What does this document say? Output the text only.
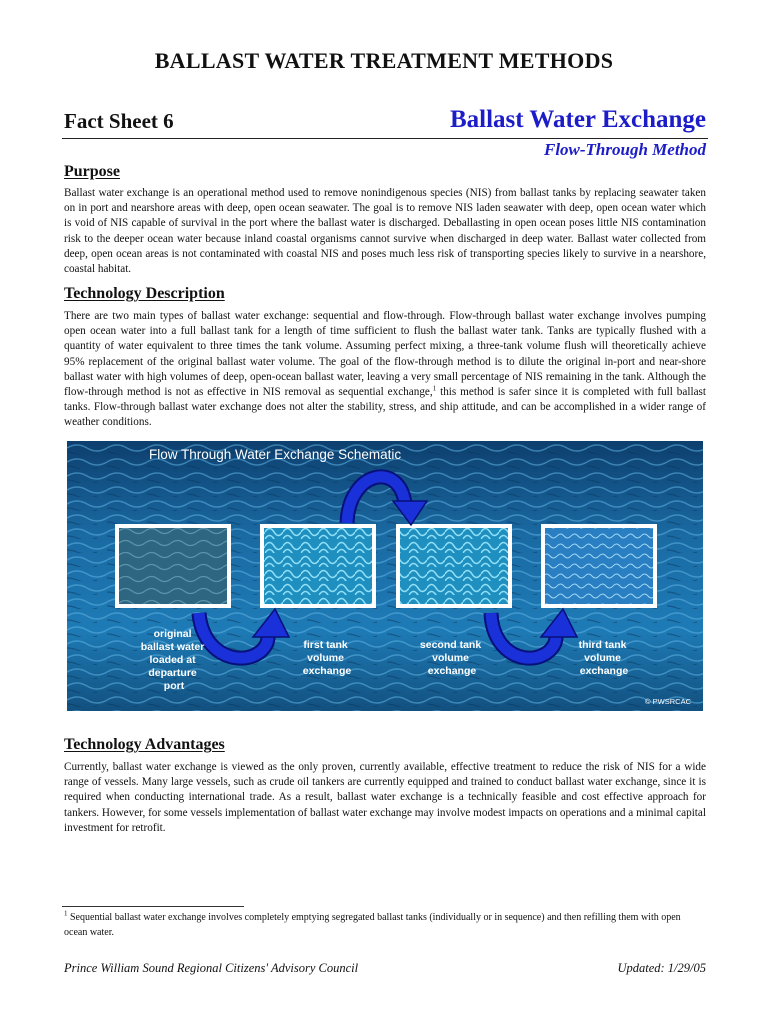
BALLAST WATER TREATMENT METHODS
Fact Sheet 6	Ballast Water Exchange
Flow-Through Method
Purpose
Ballast water exchange is an operational method used to remove nonindigenous species (NIS) from ballast tanks by replacing seawater taken on in port and nearshore areas with deep, open ocean seawater. The goal is to remove NIS laden seawater with deep, open ocean water which is void of NIS capable of survival in the port where the ballast water is discharged. Deballasting in open ocean poses little NIS contamination risk to the deeper ocean water because inland coastal organisms cannot survive when discharged in deep water. Ballast water collected from deep, open ocean areas is not contaminated with coastal NIS and poses much less risk of transporting species likely to survive in a nearshore, coastal habitat.
Technology Description
There are two main types of ballast water exchange: sequential and flow-through. Flow-through ballast water exchange involves pumping open ocean water into a full ballast tank for a length of time sufficient to flush the ballast water tank. Tanks are typically flushed with a quantity of water equivalent to three times the tank volume. Assuming perfect mixing, a three-tank volume flush will theoretically achieve 95% replacement of the original ballast water volume. The goal of the flow-through method is to dilute the original in-port and near-shore ballast water with high volumes of deep, open-ocean ballast water, leaving a very small percentage of NIS remaining in the tank. Although the flow-through method is not as effective in NIS removal as sequential exchange,$^1$ this method is safer since it is completed with full ballast tanks. Flow-through ballast water exchange does not alter the stability, stress, and ship attitude, and can be accomplished in a wider range of weather conditions.
Flow Through Water Exchange Schematic
original ballast water loaded at departure port
first tank volume exchange
second tank volume exchange
third tank volume exchange
© PWSRCAC
Technology Advantages
Currently, ballast water exchange is viewed as the only proven, currently available, effective treatment to reduce the risk of NIS for a wide range of vessels. Many large vessels, such as crude oil tankers are currently equipped and trained to conduct ballast water exchange, since it is required when conducting international trade. As a result, ballast water exchange is a technically feasible and cost effective approach for tankers. However, for some vessels implementation of ballast water exchange may involve modest impacts on operations and a minimal capital investment for retrofit.
$^1$ Sequential ballast water exchange involves completely emptying segregated ballast tanks (individually or in sequence) and then refilling them with open ocean water.
Prince William Sound Regional Citizens' Advisory Council	Updated: 1/29/05
